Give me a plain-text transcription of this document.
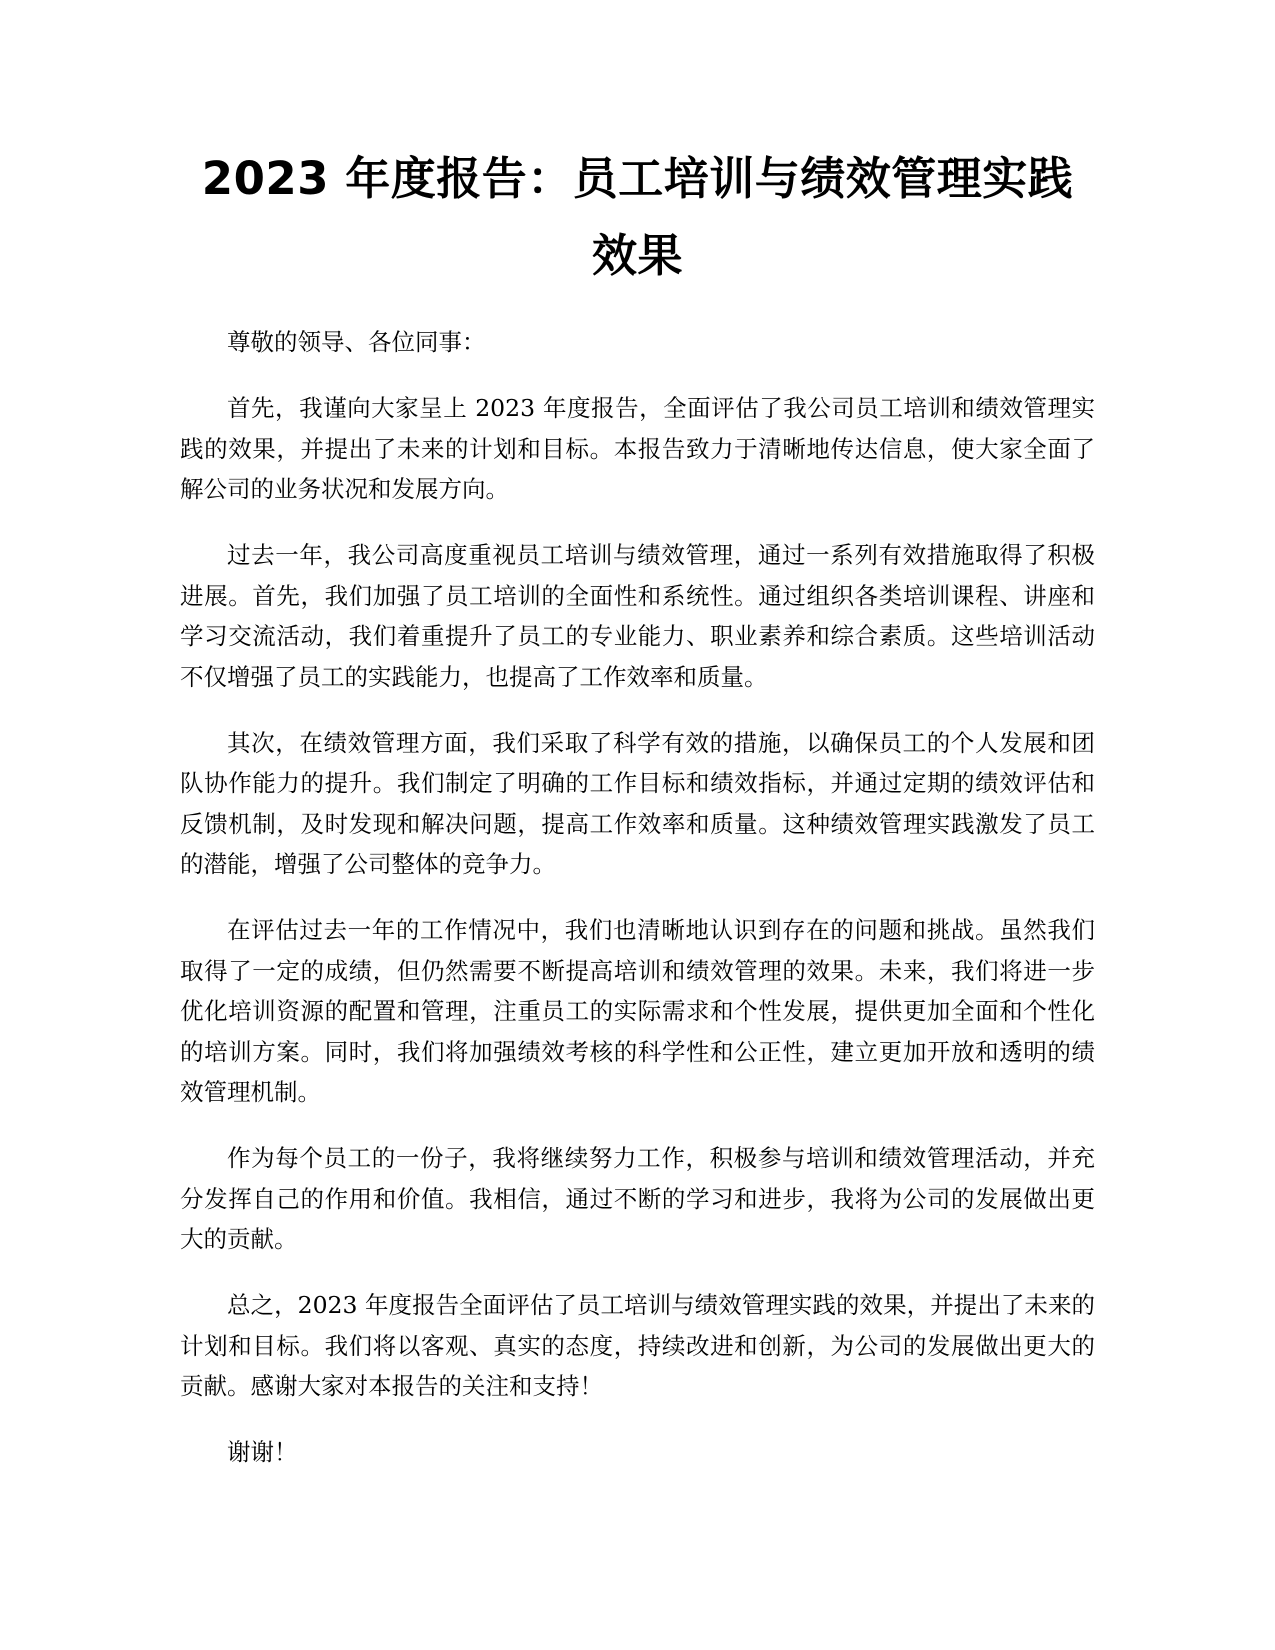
2023 年度报告：员工培训与绩效管理实践效果

尊敬的领导、各位同事：

首先，我谨向大家呈上 2023 年度报告，全面评估了我公司员工培训和绩效管理实践的效果，并提出了未来的计划和目标。本报告致力于清晰地传达信息，使大家全面了解公司的业务状况和发展方向。

过去一年，我公司高度重视员工培训与绩效管理，通过一系列有效措施取得了积极进展。首先，我们加强了员工培训的全面性和系统性。通过组织各类培训课程、讲座和学习交流活动，我们着重提升了员工的专业能力、职业素养和综合素质。这些培训活动不仅增强了员工的实践能力，也提高了工作效率和质量。

其次，在绩效管理方面，我们采取了科学有效的措施，以确保员工的个人发展和团队协作能力的提升。我们制定了明确的工作目标和绩效指标，并通过定期的绩效评估和反馈机制，及时发现和解决问题，提高工作效率和质量。这种绩效管理实践激发了员工的潜能，增强了公司整体的竞争力。

在评估过去一年的工作情况中，我们也清晰地认识到存在的问题和挑战。虽然我们取得了一定的成绩，但仍然需要不断提高培训和绩效管理的效果。未来，我们将进一步优化培训资源的配置和管理，注重员工的实际需求和个性发展，提供更加全面和个性化的培训方案。同时，我们将加强绩效考核的科学性和公正性，建立更加开放和透明的绩效管理机制。

作为每个员工的一份子，我将继续努力工作，积极参与培训和绩效管理活动，并充分发挥自己的作用和价值。我相信，通过不断的学习和进步，我将为公司的发展做出更大的贡献。

总之，2023 年度报告全面评估了员工培训与绩效管理实践的效果，并提出了未来的计划和目标。我们将以客观、真实的态度，持续改进和创新，为公司的发展做出更大的贡献。感谢大家对本报告的关注和支持！

谢谢！
